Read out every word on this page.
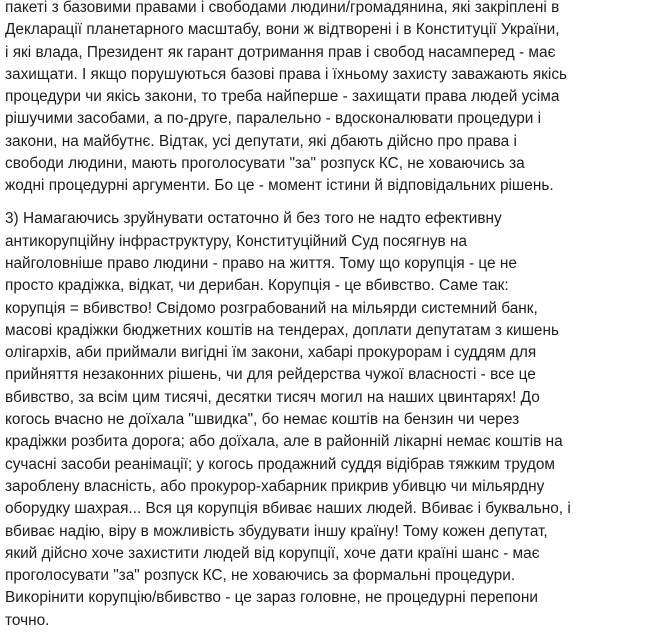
пакеті з базовими правами і свободами людини/громадянина, які закріплені в
Декларації планетарного масштабу, вони ж відтворені і в Конституції України,
і які влада, Президент як гарант дотримання прав і свобод насамперед - має
захищати. І якщо порушуються базові права і їхньому захисту заважають якісь
процедури чи якісь закони, то треба найперше - захищати права людей усіма
рішучими засобами, а по-друге, паралельно - вдосконалювати процедури і
закони, на майбутнє. Відтак, усі депутати, які дбають дійсно про права і
свободи людини, мають проголосувати "за" розпуск КС, не ховаючись за
жодні процедурні аргументи. Бо це - момент істини й відповідальних рішень.
3) Намагаючись зруйнувати остаточно й без того не надто ефективну
антикорупційну інфраструктуру, Конституційний Суд посягнув на
найголовніше право людини - право на життя. Тому що корупція - це не
просто крадіжка, відкат, чи дерибан. Корупція - це вбивство. Саме так:
корупція = вбивство! Свідомо розграбований на мільярди системний банк,
масові крадіжки бюджетних коштів на тендерах, доплати депутатам з кишень
олігархів, аби приймали вигідні їм закони, хабарі прокурорам і суддям для
прийняття незаконних рішень, чи для рейдерства чужої власності - все це
вбивство, за всім цим тисячі, десятки тисяч могил на наших цвинтарях! До
когось вчасно не доїхала "швидка", бо немає коштів на бензин чи через
крадіжки розбита дорога; або доїхала, але в районній лікарні немає коштів на
сучасні засоби реанімації; у когось продажний суддя відібрав тяжким трудом
зароблену власність, або прокурор-хабарник прикрив убивцю чи мільярдну
оборудку шахрая... Вся ця корупція вбиває наших людей. Вбиває і буквально, і
вбиває надію, віру в можливість збудувати іншу країну! Тому кожен депутат,
який дійсно хоче захистити людей від корупції, хоче дати країні шанс - має
проголосувати "за" розпуск КС, не ховаючись за формальні процедури.
Викорінити корупцію/вбивство - це зараз головне, не процедурні перепони
точно.
